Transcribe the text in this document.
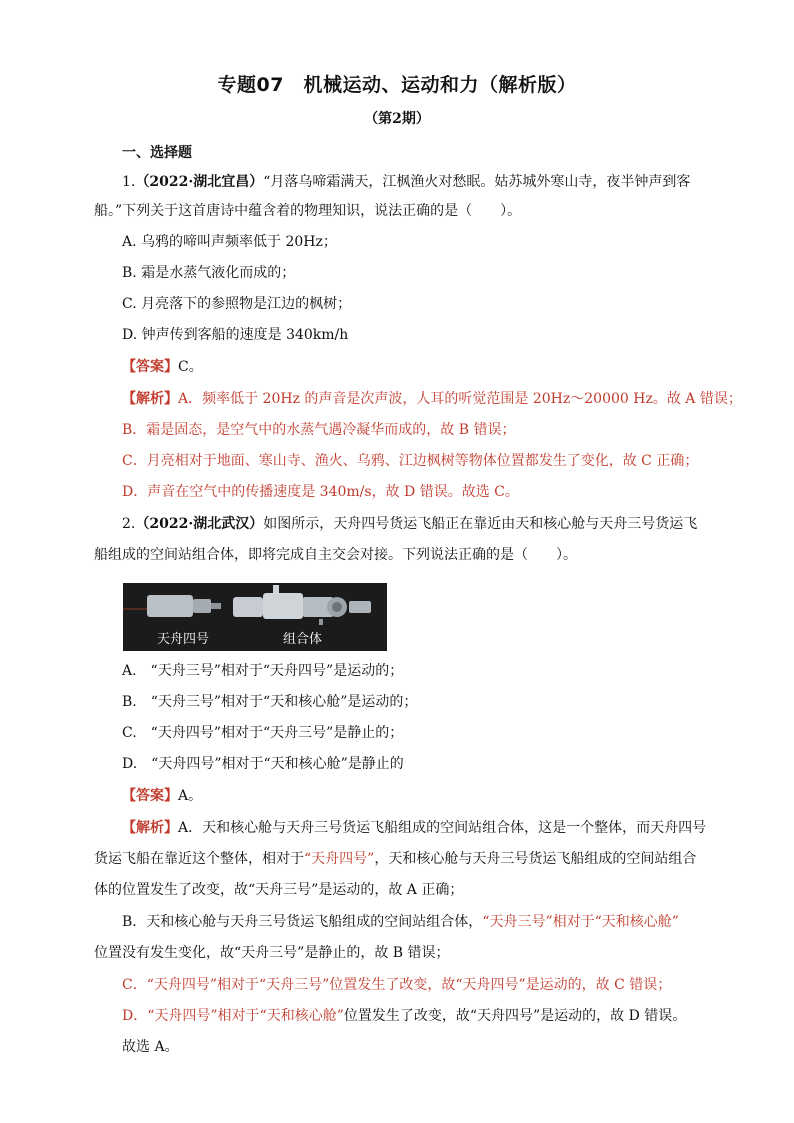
专题07　机械运动、运动和力（解析版）
（第2期）
一、选择题
1.（2022·湖北宜昌）“月落乌啼霜满天，江枫渔火对愁眠。姑苏城外寒山寺，夜半钟声到客
船。”下列关于这首唐诗中蕴含着的物理知识，说法正确的是（　　）。
A. 乌鸦的啼叫声频率低于 20Hz；
B. 霜是水蒸气液化而成的；
C. 月亮落下的参照物是江边的枫树；
D. 钟声传到客船的速度是 340km/h
【答案】C。
【解析】A．频率低于 20Hz 的声音是次声波，人耳的听觉范围是 20Hz～20000 Hz。故 A 错误；
B．霜是固态，是空气中的水蒸气遇冷凝华而成的，故 B 错误；
C．月亮相对于地面、寒山寺、渔火、乌鸦、江边枫树等物体位置都发生了变化，故 C 正确；
D．声音在空气中的传播速度是 340m/s，故 D 错误。故选 C。
2.（2022·湖北武汉）如图所示，天舟四号货运飞船正在靠近由天和核心舱与天舟三号货运飞
船组成的空间站组合体，即将完成自主交会对接。下列说法正确的是（　　）。
天舟四号	组合体
A.　“天舟三号”相对于“天舟四号”是运动的；
B.　“天舟三号”相对于“天和核心舱”是运动的；
C.　“天舟四号”相对于“天舟三号”是静止的；
D.　“天舟四号”相对于“天和核心舱”是静止的
【答案】A。
【解析】A．天和核心舱与天舟三号货运飞船组成的空间站组合体，这是一个整体，而天舟四号
货运飞船在靠近这个整体，相对于“天舟四号”，天和核心舱与天舟三号货运飞船组成的空间站组合
体的位置发生了改变，故“天舟三号”是运动的，故 A 正确；
B．天和核心舱与天舟三号货运飞船组成的空间站组合体，“天舟三号”相对于“天和核心舱”
位置没有发生变化，故“天舟三号”是静止的，故 B 错误；
C．“天舟四号”相对于“天舟三号”位置发生了改变，故“天舟四号”是运动的，故 C 错误；
D．“天舟四号”相对于“天和核心舱”位置发生了改变，故“天舟四号”是运动的，故 D 错误。
故选 A。
